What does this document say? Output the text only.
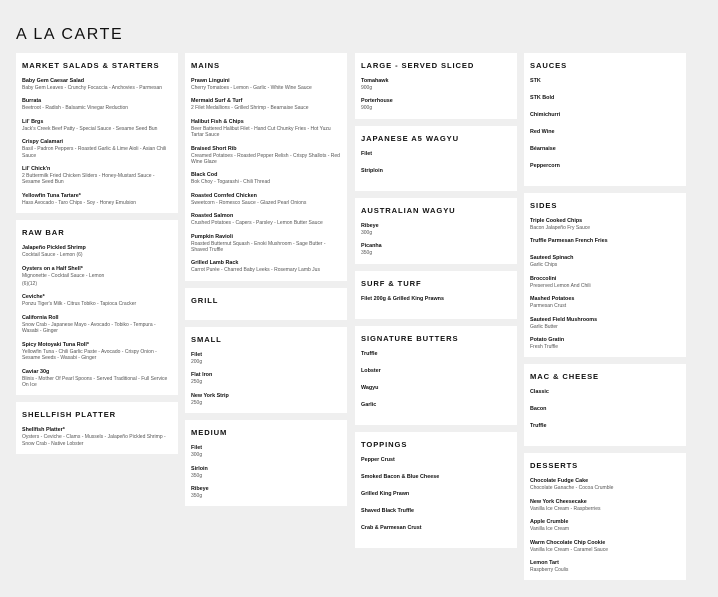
A LA CARTE
MARKET SALADS & STARTERS
Baby Gem Caesar Salad
Baby Gem Leaves - Crunchy Focaccia - Anchovies - Parmesan
Burrata
Beetroot - Radish - Balsamic Vinegar Reduction
Lil' Brgs
Jack's Creek Beef Patty - Special Sauce - Sesame Seed Bun
Crispy Calamari
Basil - Padron Peppers - Roasted Garlic & Lime Aioli - Asian Chili Sauce
Lil' Chick'n
2 Buttermilk Fried Chicken Sliders - Honey-Mustard Sauce - Sesame Seed Bun
Yellowfin Tuna Tartare*
Hass Avocado - Taro Chips - Soy - Honey Emulsion
RAW BAR
Jalapeño Pickled Shrimp
Cocktail Sauce - Lemon (6)
Oysters on a Half Shell*
Mignonette - Cocktail Sauce - Lemon
(6)(12)
Ceviche*
Ponzu Tiger's Milk - Citrus Tobiko - Tapioca Cracker
California Roll
Snow Crab - Japanese Mayo - Avocado - Tobiko - Tempura - Wasabi - Ginger
Spicy Motoyaki Tuna Roll*
Yellowfin Tuna - Chili Garlic Paste - Avocado - Crispy Onion - Sesame Seeds - Wasabi - Ginger
Caviar 30g
Blinis - Mother Of Pearl Spoons - Served Traditional - Full Service On Ice
SHELLFISH PLATTER
Shellfish Platter*
Oysters - Ceviche - Clams - Mussels - Jalapeño Pickled Shrimp - Snow Crab - Native Lobster
MAINS
Prawn Linguini
Cherry Tomatoes - Lemon - Garlic - White Wine Sauce
Mermaid Surf & Turf
2 Filet Medallions - Grilled Shrimp - Bearnaise Sauce
Halibut Fish & Chips
Beer Battered Halibut Filet - Hand Cut Chunky Fries - Hot Yuzu Tartar Sauce
Braised Short Rib
Creamed Potatoes - Roasted Pepper Relish - Crispy Shallots - Red Wine Glaze
Black Cod
Bok Choy - Togarashi - Chili Thread
Roasted Cornfed Chicken
Sweetcorn - Romesco Sauce - Glazed Pearl Onions
Roasted Salmon
Crushed Potatoes - Capers - Parsley - Lemon Butter Sauce
Pumpkin Ravioli
Roasted Butternut Squash - Enoki Mushroom - Sage Butter - Shaved Truffle
Grilled Lamb Rack
Carrot Purée - Charred Baby Leeks - Rosemary Lamb Jus
GRILL
SMALL
Filet
200g
Flat Iron
250g
New York Strip
250g
MEDIUM
Filet
300g
Sirloin
350g
Ribeye
350g
LARGE - SERVED SLICED
Tomahawk
900g
Porterhouse
900g
JAPANESE A5 WAGYU
Filet
Striploin
AUSTRALIAN WAGYU
Ribeye
300g
Picanha
350g
SURF & TURF
Filet 200g & Grilled King Prawns
SIGNATURE BUTTERS
Truffle
Lobster
Wagyu
Garlic
TOPPINGS
Pepper Crust
Smoked Bacon & Blue Cheese
Grilled King Prawn
Shaved Black Truffle
Crab & Parmesan Crust
SAUCES
STK
STK Bold
Chimichurri
Red Wine
Béarnaise
Peppercorn
SIDES
Triple Cooked Chips
Bacon Jalapeño Fry Sauce
Truffle Parmesan French Fries
Sauteed Spinach
Garlic Chips
Broccolini
Preserved Lemon And Chili
Mashed Potatoes
Parmesan Crust
Sauteed Field Mushrooms
Garlic Butter
Potato Gratin
Fresh Truffle
MAC & CHEESE
Classic
Bacon
Truffle
DESSERTS
Chocolate Fudge Cake
Chocolate Ganache - Cocoa Crumble
New York Cheesecake
Vanilla Ice Cream - Raspberries
Apple Crumble
Vanilla Ice Cream
Warm Chocolate Chip Cookie
Vanilla Ice Cream - Caramel Sauce
Lemon Tart
Raspberry Coulis
